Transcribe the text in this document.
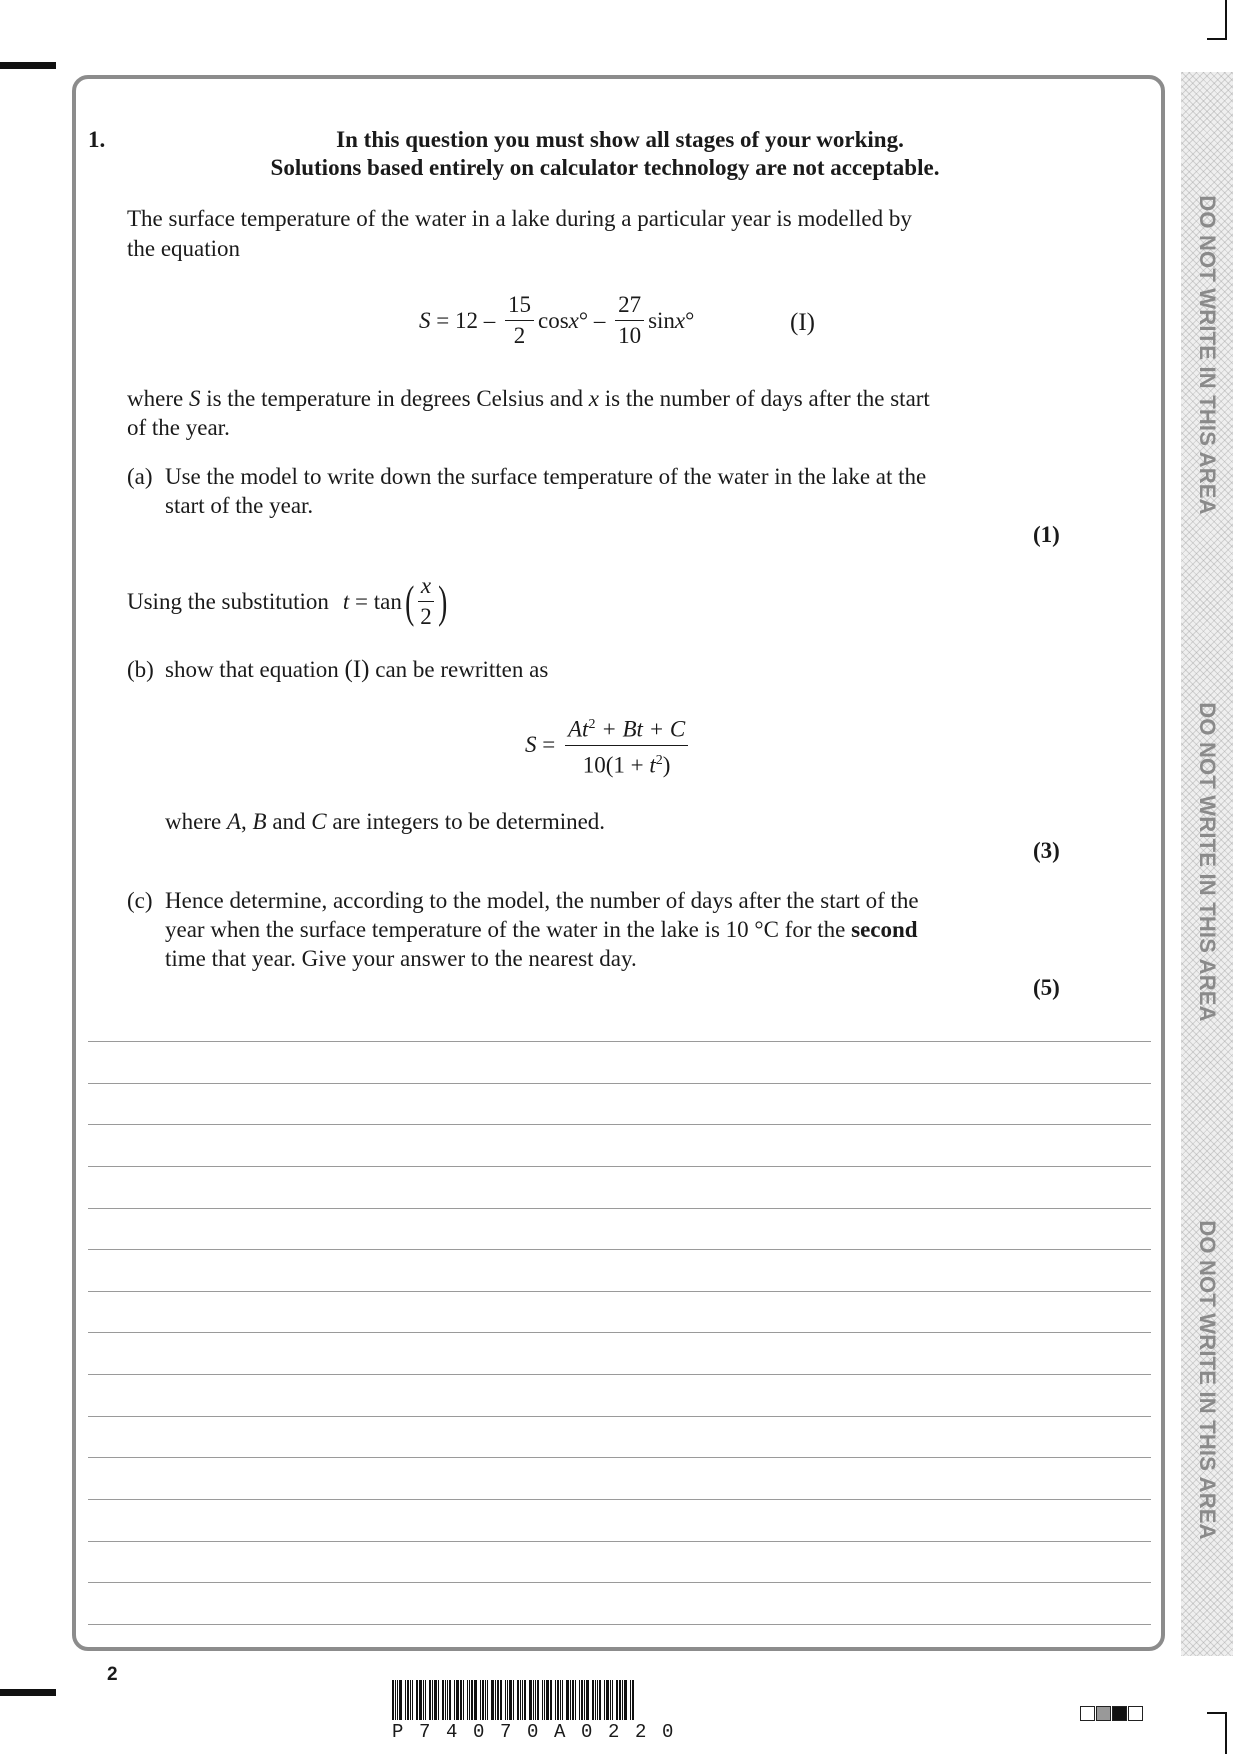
DO NOT WRITE IN THIS AREA
DO NOT WRITE IN THIS AREA
DO NOT WRITE IN THIS AREA
1.	In this question you must show all stages of your working.
Solutions based entirely on calculator technology are not acceptable.
The surface temperature of the water in a lake during a particular year is modelled by
the equation
$S = 12 - \frac{15}{2}$ cos x ° – $\frac{27}{10}$ sin x °	(I)
where S is the temperature in degrees Celsius and x is the number of days after the start
of the year.
(a) Use the model to write down the surface temperature of the water in the lake at the
start of the year.
(1)
Using the substitution t = tan ( $\frac{x}{2}$ )
(b) show that equation (I) can be rewritten as
$S = \frac{At^2 + Bt + C}{10(1 + t^2)}$
where A, B and C are integers to be determined.
(3)
(c) Hence determine, according to the model, the number of days after the start of the
year when the surface temperature of the water in the lake is 10 °C for the second
time that year. Give your answer to the nearest day.
(5)
2
P74070A0220
